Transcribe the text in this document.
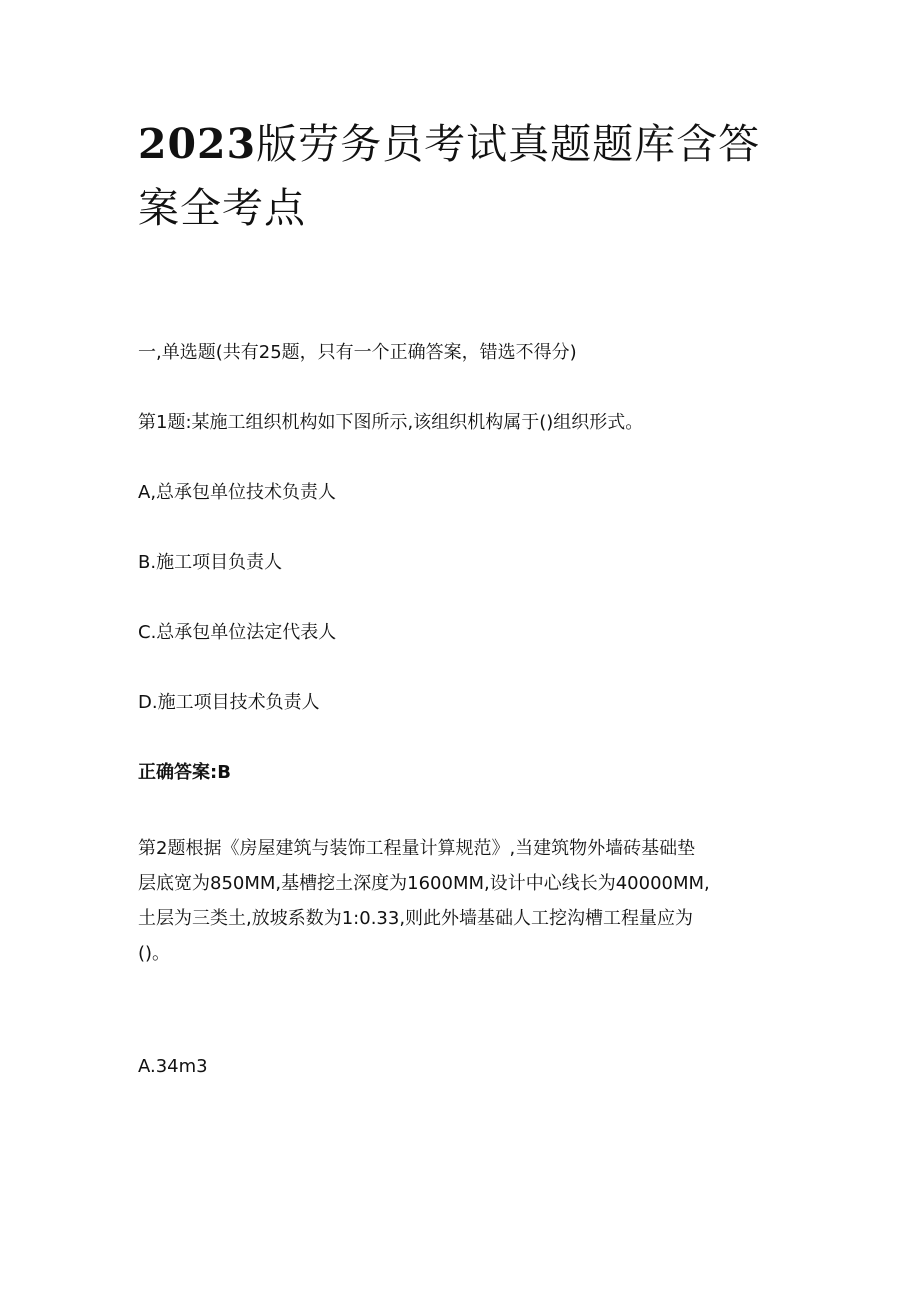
2023版劳务员考试真题题库含答案全考点
一,单选题(共有25题，只有一个正确答案，错选不得分)
第1题:某施工组织机构如下图所示,该组织机构属于()组织形式。
A,总承包单位技术负责人
B.施工项目负责人
C.总承包单位法定代表人
D.施工项目技术负责人
正确答案:B

第2题根据《房屋建筑与装饰工程量计算规范》,当建筑物外墙砖基础垫
层底宽为850MM,基槽挖土深度为1600MM,设计中心线长为40000MM,
土层为三类土,放坡系数为1:0.33,则此外墙基础人工挖沟槽工程量应为
()。

A.34m3
